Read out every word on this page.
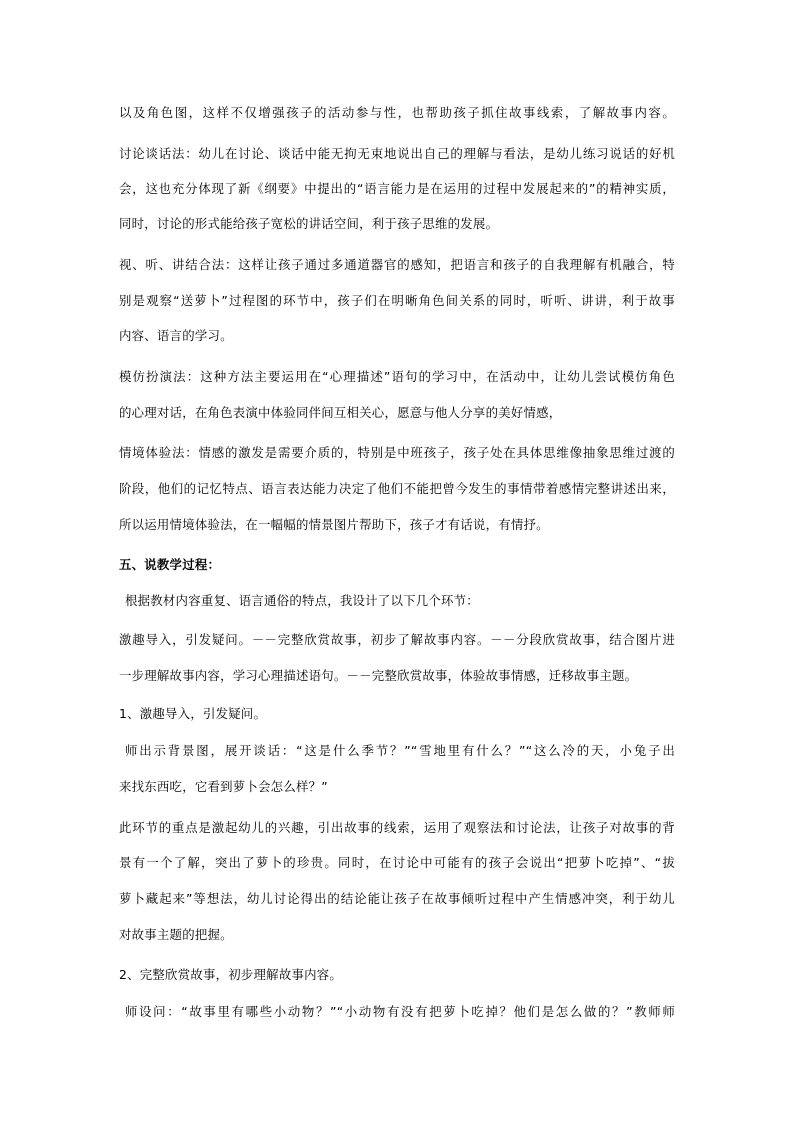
以及角色图，这样不仅增强孩子的活动参与性，也帮助孩子抓住故事线索，了解故事内容。
讨论谈话法：幼儿在讨论、谈话中能无拘无束地说出自己的理解与看法，是幼儿练习说话的好机
会，这也充分体现了新《纲要》中提出的“语言能力是在运用的过程中发展起来的”的精神实质，
同时，讨论的形式能给孩子宽松的讲话空间，利于孩子思维的发展。
视、听、讲结合法：这样让孩子通过多通道器官的感知，把语言和孩子的自我理解有机融合，特
别是观察“送萝卜”过程图的环节中，孩子们在明晰角色间关系的同时，听听、讲讲，利于故事
内容、语言的学习。
模仿扮演法：这种方法主要运用在“心理描述”语句的学习中，在活动中，让幼儿尝试模仿角色
的心理对话，在角色表演中体验同伴间互相关心，愿意与他人分享的美好情感，
情境体验法：情感的激发是需要介质的，特别是中班孩子，孩子处在具体思维像抽象思维过渡的
阶段，他们的记忆特点、语言表达能力决定了他们不能把曾今发生的事情带着感情完整讲述出来，
所以运用情境体验法，在一幅幅的情景图片帮助下，孩子才有话说，有情抒。
五、说教学过程：
根据教材内容重复、语言通俗的特点，我设计了以下几个环节：
激趣导入，引发疑问。－－完整欣赏故事，初步了解故事内容。－－分段欣赏故事，结合图片进
一步理解故事内容，学习心理描述语句。－－完整欣赏故事，体验故事情感，迁移故事主题。
1、激趣导入，引发疑问。
师出示背景图，展开谈话：“这是什么季节？”“雪地里有什么？”“这么冷的天，小兔子出
来找东西吃，它看到萝卜会怎么样？”
此环节的重点是激起幼儿的兴趣，引出故事的线索，运用了观察法和讨论法，让孩子对故事的背
景有一个了解，突出了萝卜的珍贵。同时，在讨论中可能有的孩子会说出“把萝卜吃掉”、“拔
萝卜藏起来”等想法，幼儿讨论得出的结论能让孩子在故事倾听过程中产生情感冲突，利于幼儿
对故事主题的把握。
2、完整欣赏故事，初步理解故事内容。
师设问：“故事里有哪些小动物？”“小动物有没有把萝卜吃掉？他们是怎么做的？”教师师
